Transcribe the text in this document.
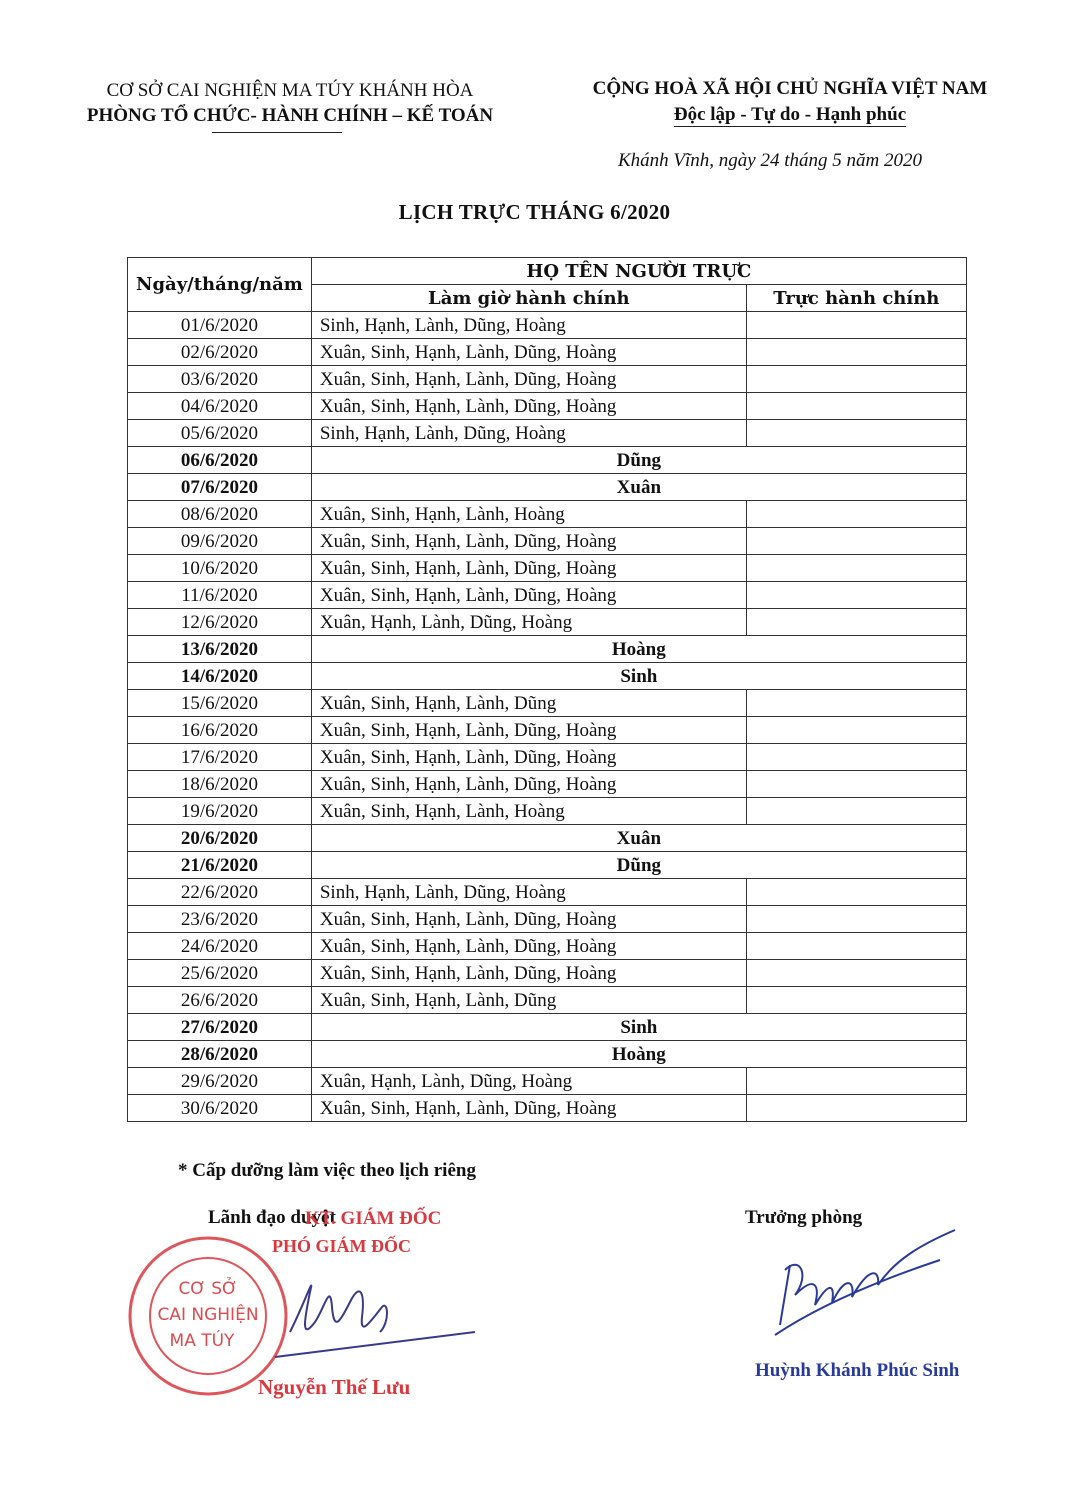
CƠ SỞ CAI NGHIỆN MA TÚY KHÁNH HÒA
PHÒNG TỔ CHỨC- HÀNH CHÍNH – KẾ TOÁN
CỘNG HOÀ XÃ HỘI CHỦ NGHĨA VIỆT NAM
Độc lập - Tự do - Hạnh phúc
Khánh Vĩnh, ngày 24 tháng 5 năm 2020
LỊCH TRỰC THÁNG 6/2020
Ngày/tháng/năm	HỌ TÊN NGƯỜI TRỰC	
	Làm giờ hành chính	Trực hành chính
01/6/2020	Sinh, Hạnh, Lành, Dũng, Hoàng	
02/6/2020	Xuân, Sinh, Hạnh, Lành, Dũng, Hoàng	
03/6/2020	Xuân, Sinh, Hạnh, Lành, Dũng, Hoàng	
04/6/2020	Xuân, Sinh, Hạnh, Lành, Dũng, Hoàng	
05/6/2020	Sinh, Hạnh, Lành, Dũng, Hoàng	
06/6/2020	Dũng	
07/6/2020	Xuân	
08/6/2020	Xuân, Sinh, Hạnh, Lành, Hoàng	
09/6/2020	Xuân, Sinh, Hạnh, Lành, Dũng, Hoàng	
10/6/2020	Xuân, Sinh, Hạnh, Lành, Dũng, Hoàng	
11/6/2020	Xuân, Sinh, Hạnh, Lành, Dũng, Hoàng	
12/6/2020	Xuân, Hạnh, Lành, Dũng, Hoàng	
13/6/2020	Hoàng	
14/6/2020	Sinh	
15/6/2020	Xuân, Sinh, Hạnh, Lành, Dũng	
16/6/2020	Xuân, Sinh, Hạnh, Lành, Dũng, Hoàng	
17/6/2020	Xuân, Sinh, Hạnh, Lành, Dũng, Hoàng	
18/6/2020	Xuân, Sinh, Hạnh, Lành, Dũng, Hoàng	
19/6/2020	Xuân, Sinh, Hạnh, Lành, Hoàng	
20/6/2020	Xuân	
21/6/2020	Dũng	
22/6/2020	Sinh, Hạnh, Lành, Dũng, Hoàng	
23/6/2020	Xuân, Sinh, Hạnh, Lành, Dũng, Hoàng	
24/6/2020	Xuân, Sinh, Hạnh, Lành, Dũng, Hoàng	
25/6/2020	Xuân, Sinh, Hạnh, Lành, Dũng, Hoàng	
26/6/2020	Xuân, Sinh, Hạnh, Lành, Dũng	
27/6/2020	Sinh	
28/6/2020	Hoàng	
29/6/2020	Xuân, Hạnh, Lành, Dũng, Hoàng	
30/6/2020	Xuân, Sinh, Hạnh, Lành, Dũng, Hoàng	
* Cấp dưỡng làm việc theo lịch riêng
CƠ SỞ
CAI NGHIỆN
MA TÚY
Lãnh đạo duyệt
KT. GIÁM ĐỐC
PHÓ GIÁM ĐỐC
Nguyễn Thế Lưu
Trưởng phòng
Huỳnh Khánh Phúc Sinh
